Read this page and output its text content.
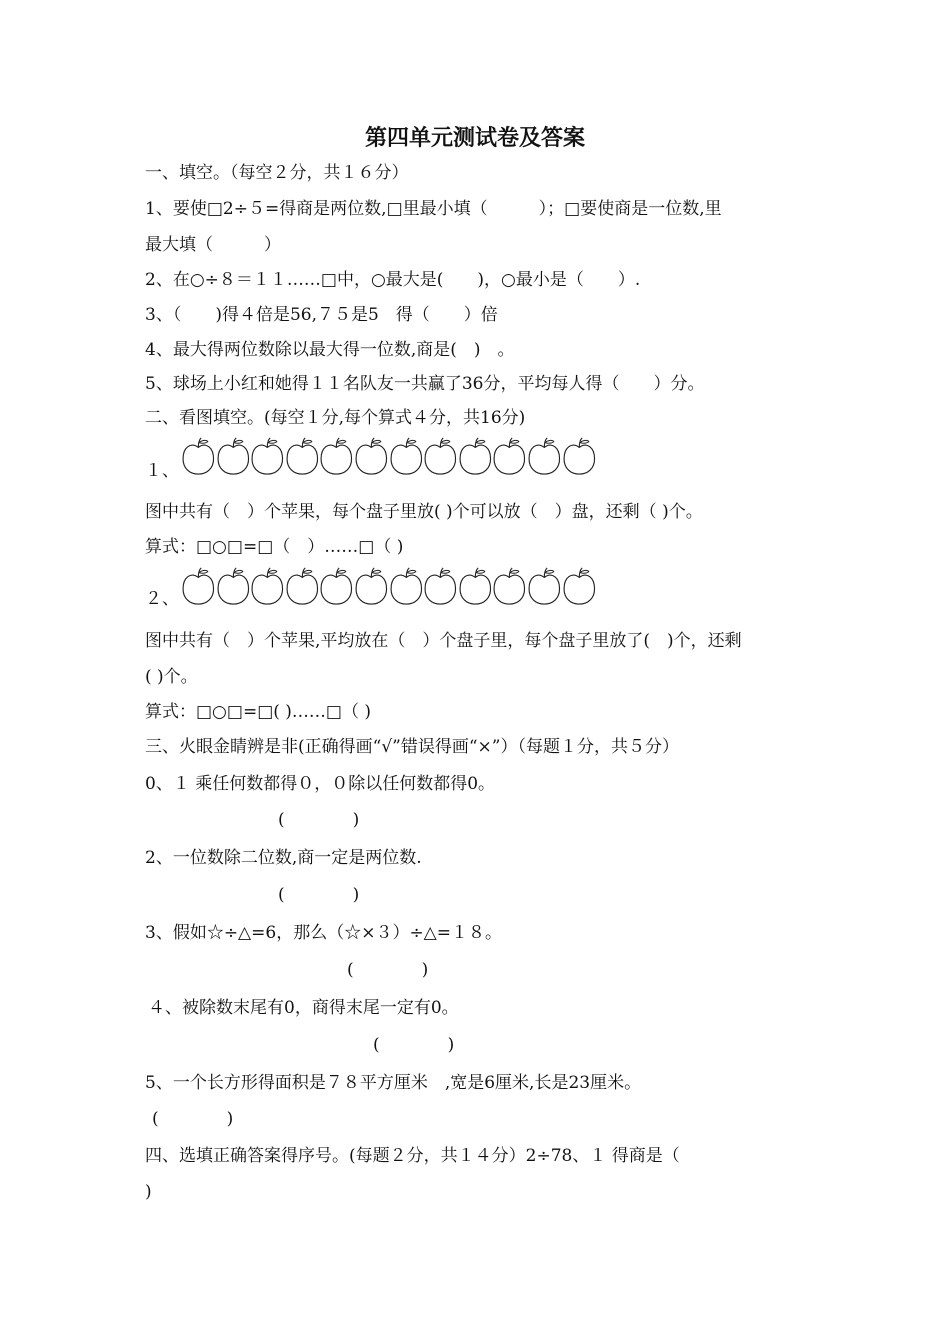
第四单元测试卷及答案
一、填空。（每空２分，共１６分）
1、要使□2÷５=得商是两位数,□里最小填（　　　）；□要使商是一位数,里
最大填（　　　）
2、在○÷８＝１１……□中，○最大是(　　)，○最小是（　　）.
3、（　　)得４倍是56,７５是5　得（　　）倍
4、最大得两位数除以最大得一位数,商是(　)　。
5、球场上小红和她得１１名队友一共赢了36分，平均每人得（　　）分。
二、看图填空。(每空１分,每个算式４分，共16分)
１、
图中共有（　）个苹果，每个盘子里放( )个可以放（　）盘，还剩（ )个。
算式：□○□=□（　）……□（ )
２、
图中共有（　）个苹果,平均放在（　）个盘子里，每个盘子里放了(　)个，还剩
( )个。
算式：□○□=□( )……□（ )
三、火眼金睛辨是非(正确得画“√”错误得画“×”）（每题１分，共５分）
0、１ 乘任何数都得０，０除以任何数都得0。
(　　　　)
2、一位数除二位数,商一定是两位数.
(　　　　)
3、假如☆÷△=6，那么（☆×３）÷△=１８。
(　　　　)
４、被除数末尾有0，商得末尾一定有0。
(　　　　)
5、一个长方形得面积是７８平方厘米　,宽是6厘米,长是23厘米。
(　　　　)
四、选填正确答案得序号。(每题２分，共１４分）2÷78、１ 得商是（
)
